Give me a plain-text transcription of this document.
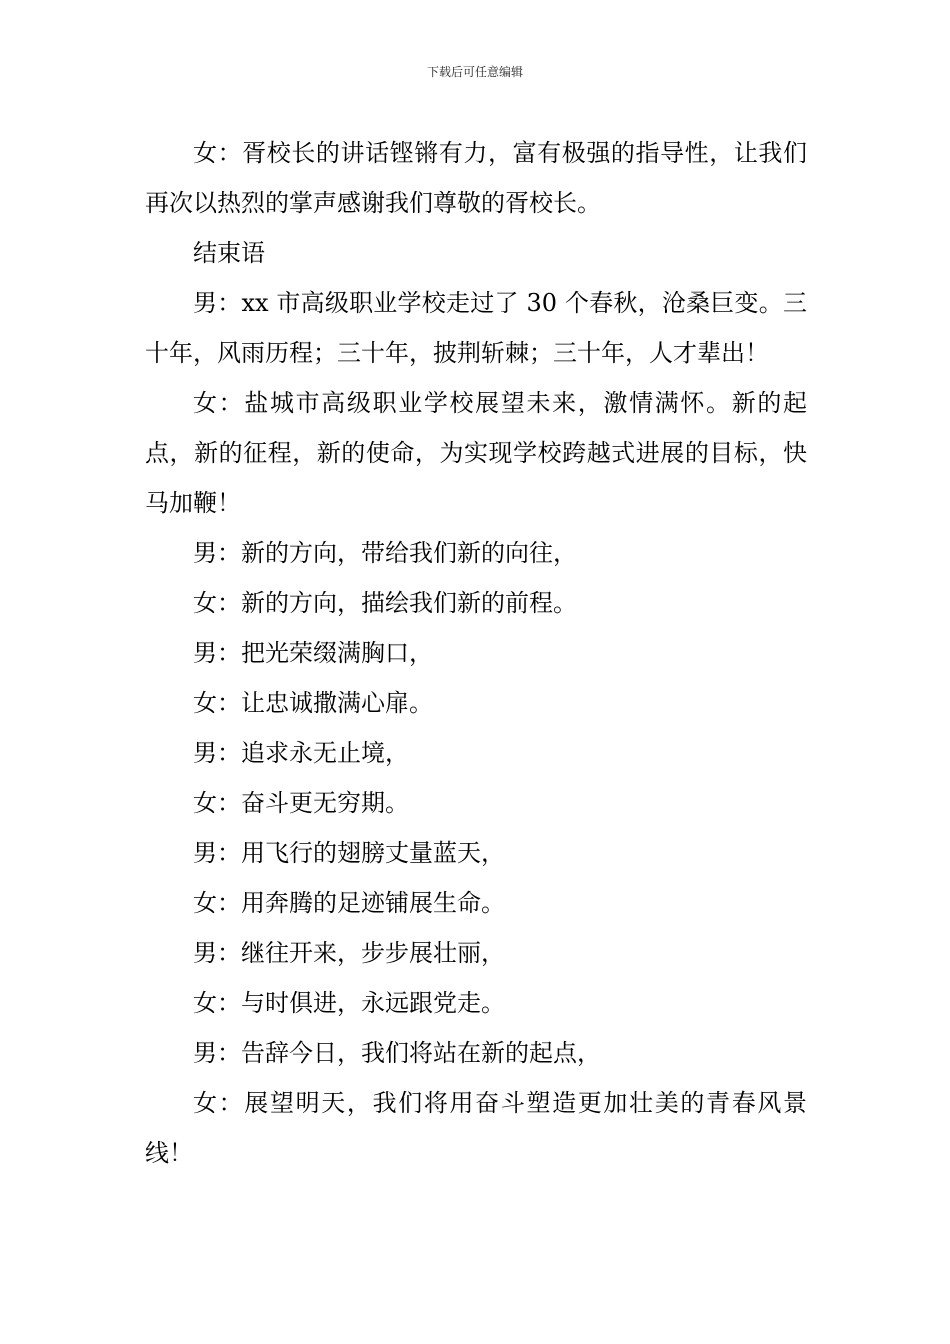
下载后可任意编辑

女：胥校长的讲话铿锵有力，富有极强的指导性，让我们再次以热烈的掌声感谢我们尊敬的胥校长。

结束语

男：xx 市高级职业学校走过了 30 个春秋，沧桑巨变。三十年，风雨历程；三十年，披荆斩棘；三十年，人才辈出！

女：盐城市高级职业学校展望未来，激情满怀。新的起点，新的征程，新的使命，为实现学校跨越式进展的目标，快马加鞭！

男：新的方向，带给我们新的向往，

女：新的方向，描绘我们新的前程。

男：把光荣缀满胸口，

女：让忠诚撒满心扉。

男：追求永无止境，

女：奋斗更无穷期。

男：用飞行的翅膀丈量蓝天，

女：用奔腾的足迹铺展生命。

男：继往开来，步步展壮丽，

女：与时俱进，永远跟党走。

男：告辞今日，我们将站在新的起点，

女：展望明天，我们将用奋斗塑造更加壮美的青春风景线！
